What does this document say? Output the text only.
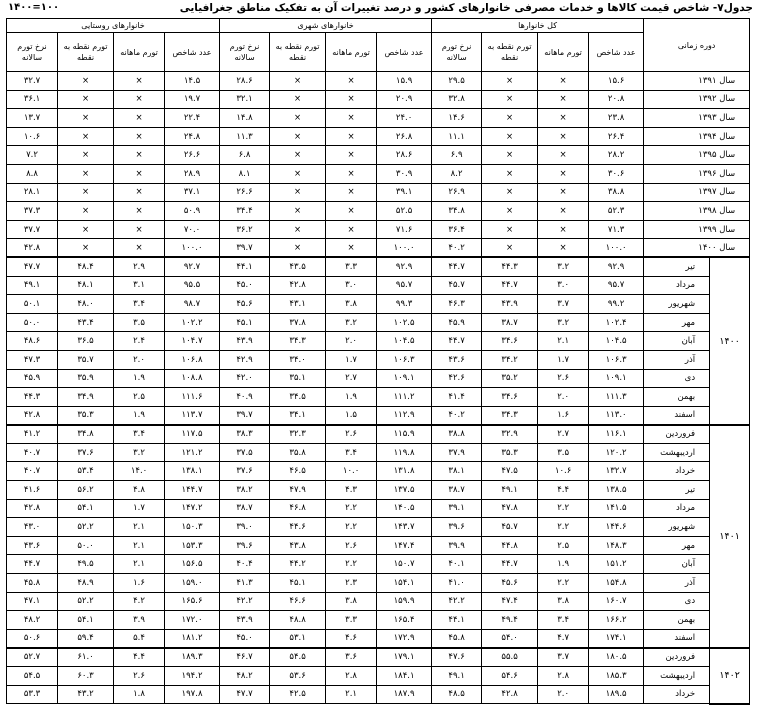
جدول۷- شاخص قیمت کالاها و خدمات مصرفی خانوارهای کشور و درصد تغییرات آن به تفکیک مناطق جغرافیایی
۱۴۰۰=۱۰۰
دوره زمانی		کل خانوارها				خانوارهای شهری				خانوارهای روستایی			
		عدد شاخص	تورم ماهانه	تورم نقطه به نقطه	نرخ تورم سالانه	عدد شاخص	تورم ماهانه	تورم نقطه به نقطه	نرخ تورم سالانه	عدد شاخص	تورم ماهانه	تورم نقطه به نقطه	نرخ تورم سالانه
سال ۱۳۹۱		۱۵.۶	×	×	۲۹.۵	۱۵.۹	×	×	۲۸.۶	۱۴.۵	×	×	۳۲.۷
سال ۱۳۹۲		۲۰.۸	×	×	۳۲.۸	۲۰.۹	×	×	۳۲.۱	۱۹.۷	×	×	۳۶.۱
سال ۱۳۹۳		۲۳.۸	×	×	۱۴.۶	۲۴.۰	×	×	۱۴.۸	۲۲.۴	×	×	۱۳.۷
سال ۱۳۹۴		۲۶.۴	×	×	۱۱.۱	۲۶.۸	×	×	۱۱.۳	۲۴.۸	×	×	۱۰.۶
سال ۱۳۹۵		۲۸.۲	×	×	۶.۹	۲۸.۶	×	×	۶.۸	۲۶.۶	×	×	۷.۲
سال ۱۳۹۶		۳۰.۶	×	×	۸.۲	۳۰.۹	×	×	۸.۱	۲۸.۹	×	×	۸.۸
سال ۱۳۹۷		۳۸.۸	×	×	۲۶.۹	۳۹.۱	×	×	۲۶.۶	۳۷.۱	×	×	۲۸.۱
سال ۱۳۹۸		۵۲.۳	×	×	۳۴.۸	۵۲.۵	×	×	۳۴.۴	۵۰.۹	×	×	۳۷.۳
سال ۱۳۹۹		۷۱.۳	×	×	۳۶.۴	۷۱.۶	×	×	۳۶.۲	۷۰.۰	×	×	۳۷.۷
سال ۱۴۰۰		۱۰۰.۰	×	×	۴۰.۲	۱۰۰.۰	×	×	۳۹.۷	۱۰۰.۰	×	×	۴۲.۸
۱۴۰۰	تیر	۹۲.۹	۳.۲	۴۴.۳	۴۴.۷	۹۲.۹	۳.۳	۴۳.۵	۴۴.۱	۹۲.۷	۲.۹	۴۸.۴	۴۷.۷
	مرداد	۹۵.۷	۳.۰	۴۴.۷	۴۵.۷	۹۵.۷	۳.۰	۴۲.۸	۴۵.۰	۹۵.۵	۳.۱	۴۸.۱	۴۹.۱
	شهریور	۹۹.۲	۳.۷	۴۳.۹	۴۶.۳	۹۹.۳	۳.۸	۴۳.۱	۴۵.۶	۹۸.۷	۳.۴	۴۸.۰	۵۰.۱
	مهر	۱۰۲.۴	۳.۲	۳۸.۷	۴۵.۹	۱۰۲.۵	۳.۲	۳۷.۸	۴۵.۱	۱۰۲.۲	۳.۵	۴۳.۴	۵۰.۰
	آبان	۱۰۴.۵	۲.۱	۳۴.۶	۴۴.۷	۱۰۴.۵	۲.۰	۳۴.۳	۴۳.۹	۱۰۴.۷	۲.۴	۳۶.۵	۴۸.۶
	آذر	۱۰۶.۳	۱.۷	۳۴.۲	۴۳.۶	۱۰۶.۳	۱.۷	۳۴.۰	۴۲.۹	۱۰۶.۸	۲.۰	۳۵.۷	۴۷.۳
	دی	۱۰۹.۱	۲.۶	۳۵.۲	۴۲.۶	۱۰۹.۱	۲.۷	۳۵.۱	۴۲.۰	۱۰۸.۸	۱.۹	۳۵.۹	۴۵.۹
	بهمن	۱۱۱.۳	۲.۰	۳۴.۶	۴۱.۴	۱۱۱.۲	۱.۹	۳۴.۵	۴۰.۹	۱۱۱.۶	۲.۵	۳۴.۹	۴۴.۳
	اسفند	۱۱۳.۰	۱.۶	۳۴.۳	۴۰.۲	۱۱۲.۹	۱.۵	۳۴.۱	۳۹.۷	۱۱۳.۷	۱.۹	۳۵.۳	۴۲.۸
۱۴۰۱	فروردین	۱۱۶.۱	۲.۷	۳۲.۹	۳۸.۸	۱۱۵.۹	۲.۶	۳۲.۳	۳۸.۳	۱۱۷.۵	۳.۴	۳۴.۸	۴۱.۲
	اردیبهشت	۱۲۰.۲	۳.۵	۳۵.۳	۳۷.۹	۱۱۹.۸	۳.۴	۳۵.۸	۳۷.۵	۱۲۱.۲	۳.۲	۳۷.۶	۴۰.۷
	خرداد	۱۳۲.۷	۱۰.۶	۴۷.۵	۳۸.۱	۱۳۱.۸	۱۰.۰	۴۶.۵	۳۷.۶	۱۳۸.۱	۱۴.۰	۵۳.۴	۴۰.۷
	تیر	۱۳۸.۵	۴.۴	۴۹.۱	۳۸.۷	۱۳۷.۵	۴.۳	۴۷.۹	۳۸.۲	۱۴۴.۷	۴.۸	۵۶.۲	۴۱.۶
	مرداد	۱۴۱.۵	۲.۲	۴۷.۸	۳۹.۱	۱۴۰.۵	۲.۲	۴۶.۸	۳۸.۷	۱۴۷.۲	۱.۷	۵۴.۱	۴۲.۸
	شهریور	۱۴۴.۶	۲.۲	۴۵.۷	۳۹.۶	۱۴۳.۷	۲.۲	۴۴.۶	۳۹.۰	۱۵۰.۳	۲.۱	۵۲.۲	۴۳.۰
	مهر	۱۴۸.۳	۲.۵	۴۴.۸	۳۹.۹	۱۴۷.۴	۲.۶	۴۳.۸	۳۹.۶	۱۵۳.۳	۲.۱	۵۰.۰	۴۳.۶
	آبان	۱۵۱.۲	۱.۹	۴۴.۷	۴۰.۱	۱۵۰.۷	۲.۲	۴۴.۲	۴۰.۴	۱۵۶.۵	۲.۱	۴۹.۵	۴۴.۷
	آذر	۱۵۴.۸	۲.۲	۴۵.۶	۴۱.۰	۱۵۴.۱	۲.۳	۴۵.۱	۴۱.۳	۱۵۹.۰	۱.۶	۴۸.۹	۴۵.۸
	دی	۱۶۰.۷	۳.۸	۴۷.۴	۴۲.۲	۱۵۹.۹	۳.۸	۴۶.۶	۴۲.۲	۱۶۵.۶	۴.۲	۵۲.۲	۴۷.۱
	بهمن	۱۶۶.۲	۳.۴	۴۹.۴	۴۴.۱	۱۶۵.۴	۳.۳	۴۸.۸	۴۳.۹	۱۷۲.۰	۳.۹	۵۴.۱	۴۸.۲
	اسفند	۱۷۴.۱	۴.۷	۵۴.۰	۴۵.۸	۱۷۲.۹	۴.۶	۵۳.۱	۴۵.۰	۱۸۱.۲	۵.۴	۵۹.۴	۵۰.۶
۱۴۰۲	فروردین	۱۸۰.۵	۳.۷	۵۵.۵	۴۷.۶	۱۷۹.۱	۳.۶	۵۴.۵	۴۶.۷	۱۸۹.۳	۴.۴	۶۱.۰	۵۲.۷
	اردیبهشت	۱۸۵.۳	۲.۸	۵۴.۶	۴۹.۱	۱۸۴.۱	۲.۸	۵۳.۶	۴۸.۲	۱۹۴.۲	۲.۶	۶۰.۳	۵۴.۵
	خرداد	۱۸۹.۵	۲.۰	۴۲.۸	۴۸.۵	۱۸۷.۹	۲.۱	۴۲.۵	۴۷.۷	۱۹۷.۸	۱.۸	۴۳.۲	۵۳.۳
